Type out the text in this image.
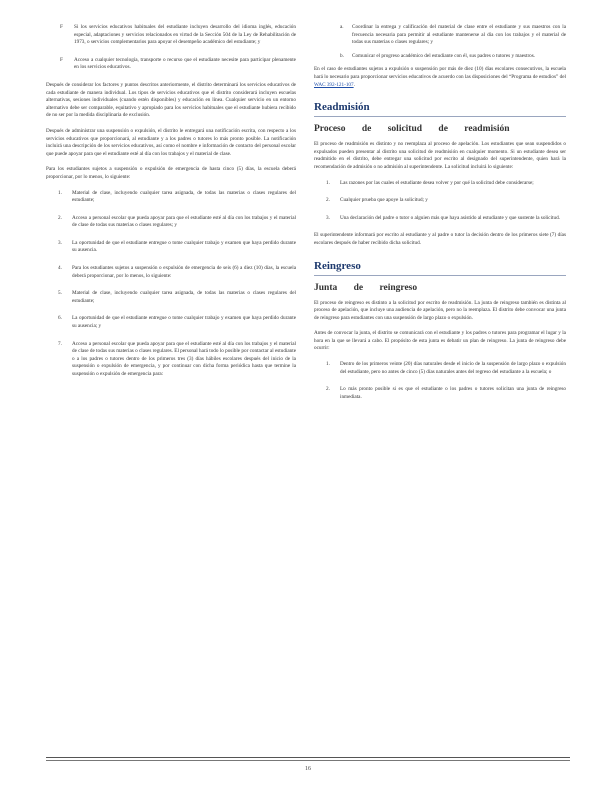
F	Si los servicios educativos habituales del estudiante incluyen desarrollo del idioma inglés, educación especial, adaptaciones y servicios relacionados en virtud de la Sección 504 de la Ley de Rehabilitación de 1973, o servicios complementarios para apoyar el desempeño académico del estudiante; y

F	Acceso a cualquier tecnología, transporte o recurso que el estudiante necesite para participar plenamente en los servicios educativos.

Después de considerar los factores y puntos descritos anteriormente, el distrito determinará los servicios educativos de cada estudiante de manera individual. Los tipos de servicios educativos que el distrito considerará incluyen escuelas alternativas, sesiones individuales (cuando estén disponibles) y educación en línea. Cualquier servicio en un entorno alternativo debe ser comparable, equitativo y apropiado para los servicios habituales que el estudiante hubiera recibido de no ser por la medida disciplinaria de exclusión.

Después de administrar una suspensión o expulsión, el distrito le entregará una notificación escrita, con respecto a los servicios educativos que proporcionará, al estudiante y a los padres o tutores lo más pronto posible. La notificación incluirá una descripción de los servicios educativos, así como el nombre e información de contacto del personal escolar que puede apoyar para que el estudiante esté al día con los trabajos y el material de clase.

Para los estudiantes sujetos a suspensión o expulsión de emergencia de hasta cinco (5) días, la escuela deberá proporcionar, por lo menos, lo siguiente:

1.	Material de clase, incluyendo cualquier tarea asignada, de todas las materias o clases regulares del estudiante;

2.	Acceso a personal escolar que pueda apoyar para que el estudiante esté al día con los trabajos y el material de clase de todas sus materias o clases regulares; y

3.	La oportunidad de que el estudiante entregue o tome cualquier trabajo y examen que haya perdido durante su ausencia.

4.	Para los estudiantes sujetos a suspensión o expulsión de emergencia de seis (6) a diez (10) días, la escuela deberá proporcionar, por lo menos, lo siguiente:

5.	Material de clase, incluyendo cualquier tarea asignada, de todas las materias o clases regulares del estudiante;

6.	La oportunidad de que el estudiante entregue o tome cualquier trabajo y examen que haya perdido durante su ausencia; y

7.	Acceso a personal escolar que pueda apoyar para que el estudiante esté al día con los trabajos y el material de clase de todas sus materias o clases regulares. El personal hará todo lo posible por contactar al estudiante o a los padres o tutores dentro de los primeros tres (3) días hábiles escolares después del inicio de la suspensión o expulsión de emergencia, y por continuar con dicha forma periódica hasta que termine la suspensión o expulsión de emergencia para:

a.	Coordinar la entrega y calificación del material de clase entre el estudiante y sus maestros con la frecuencia necesaria para permitir al estudiante mantenerse al día con los trabajos y el material de todas sus materias o clases regulares; y

b.	Comunicar el progreso académico del estudiante con él, sus padres o tutores y maestros.

En el caso de estudiantes sujetos a expulsión o suspensión por más de diez (10) días escolares consecutivos, la escuela hará lo necesario para proporcionar servicios educativos de acuerdo con las disposiciones del “Programa de estudios” del WAC 392-121-107.

Readmisión
Proceso de solicitud de readmisión

El proceso de readmisión es distinto y no reemplaza al proceso de apelación. Los estudiantes que sean suspendidos o expulsados pueden presentar al distrito una solicitud de readmisión en cualquier momento. Si un estudiante desea ser readmitido en el distrito, debe entregar una solicitud por escrito al designado del superintendente, quien hará la recomendación de admisión o no admisión al superintendente. La solicitud incluirá lo siguiente:

1.	Las razones por las cuales el estudiante desea volver y por qué la solicitud debe considerarse;

2.	Cualquier prueba que apoye la solicitud; y

3.	Una declaración del padre o tutor o alguien más que haya asistido al estudiante y que sustente la solicitud.

El superintendente informará por escrito al estudiante y al padre o tutor la decisión dentro de los primeros siete (7) días escolares después de haber recibido dicha solicitud.

Reingreso
Junta de reingreso

El proceso de reingreso es distinto a la solicitud por escrito de readmisión. La junta de reingreso también es distinta al proceso de apelación, que incluye una audiencia de apelación, pero no la reemplaza. El distrito debe convocar una junta de reingreso para estudiantes con una suspensión de largo plazo o expulsión.

Antes de convocar la junta, el distrito se comunicará con el estudiante y los padres o tutores para programar el lugar y la hora en la que se llevará a cabo. El propósito de esta junta es debatir un plan de reingreso. La junta de reingreso debe ocurrir:

1.	Dentro de los primeros veinte (20) días naturales desde el inicio de la suspensión de largo plazo o expulsión del estudiante, pero no antes de cinco (5) días naturales antes del regreso del estudiante a la escuela; o

2.	Lo más pronto posible si es que el estudiante o los padres o tutores solicitan una junta de reingreso inmediata.

16
